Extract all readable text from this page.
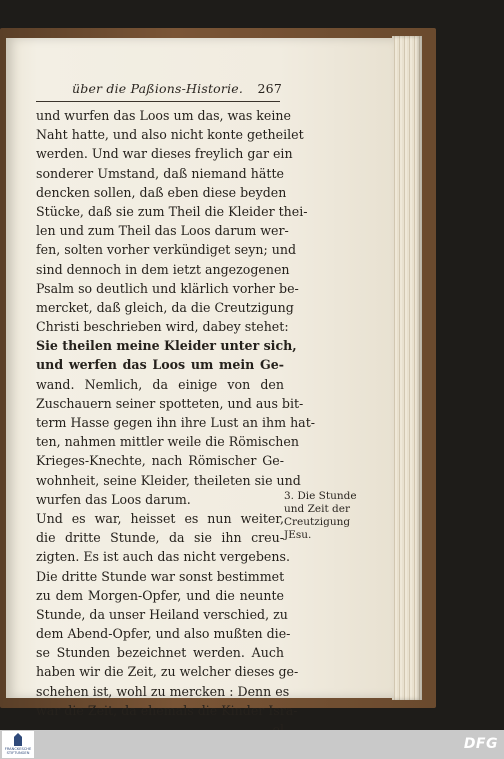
über die Paßions-Historie. 267
und wurfen das Loos um das, was keine
Naht hatte, und also nicht konte getheilet
werden. Und war dieses freylich gar ein
sonderer Umstand, daß niemand hätte
dencken sollen, daß eben diese beyden
Stücke, daß sie zum Theil die Kleider thei-
len und zum Theil das Loos darum wer-
fen, solten vorher verkündiget seyn; und
sind dennoch in dem ietzt angezogenen
Psalm so deutlich und klärlich vorher be-
mercket, daß gleich, da die Creutzigung
Christi beschrieben wird, dabey stehet:
Sie theilen meine Kleider unter sich,
und werfen das Loos um mein Ge-
wand. Nemlich, da einige von den
Zuschauern seiner spotteten, und aus bit-
term Hasse gegen ihn ihre Lust an ihm hat-
ten, nahmen mittler weile die Römischen
Krieges-Knechte, nach Römischer Ge-
wohnheit, seine Kleider, theileten sie und
wurfen das Loos darum.
Und es war, heisset es nun weiter,
die dritte Stunde, da sie ihn creu-
zigten. Es ist auch das nicht vergebens.
Die dritte Stunde war sonst bestimmet
zu dem Morgen-Opfer, und die neunte
Stunde, da unser Heiland verschied, zu
dem Abend-Opfer, und also mußten die-
se Stunden bezeichnet werden. Auch
haben wir die Zeit, zu welcher dieses ge-
schehen ist, wohl zu mercken : Denn es
war die Zeit, da ehemals die Kinder Isra-
3. Die Stunde
und Zeit der
Creutzigung
JEsu.
FRANCKESCHE STIFTUNGEN
DFG
